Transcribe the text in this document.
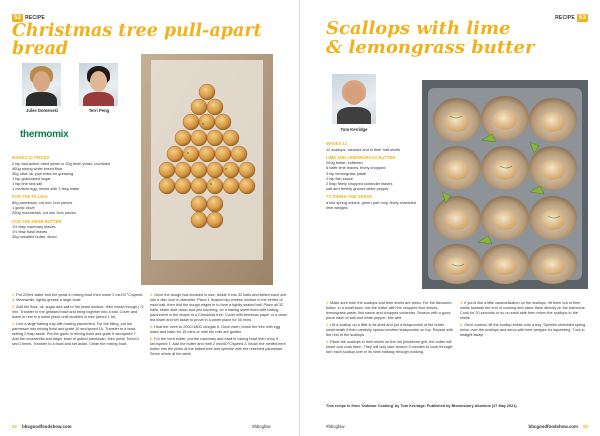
52 RECIPE
Christmas tree pull-apart bread
Jules Domenski	Terri Peng
thermomix
MAKES 32 PIECES
2 tsp fast-action dried yeast or 20g fresh yeast, crumbled
400g strong white bread flour
30g olive oil, plus extra for greasing
1 tsp granulated sugar
1 tsp fine sea salt
1 medium egg, mixed with 1 tbsp water
FOR THE FILLING
60g parmesan, cut into 2cm pieces
1 garlic clove
200g mozzarella, cut into 2cm pieces
FOR THE HERB BUTTER
1½ tbsp rosemary leaves
1½ tbsp basil leaves
30g unsalted butter, diced

1.Put 220ml water and the yeast in mixing bowl then warm 2 min/37°C/speed 1. Meanwhile, lightly grease a large bowl.

2.Add the flour, oil, sugar and salt to the yeast mixture, then knead though ( /2 min. Transfer to the greased bowl and bring together into a ball. Cover and leave to rest in a warm place until doubled in size (about 1 hr).

3.Line a large baking tray with baking parchment. For the filling, put the parmesan into mixing bowl and grate 10 sec/speed 10. Transfer to a bowl, setting 2 tbsp aside. Put the garlic in mixing bowl and grate 5 sec/speed 7. Add the mozzarella and larger bowl of grated parmesan, then pulse Turbo/1 sec/1 times. Transfer to a bowl and set aside. Clean the mixing bowl.

4.Once the dough has doubled in size, divide it into 32 balls and flatten each one into a disc 4cm in diameter. Place 1 heaped tsp cheese mixture in the centre of each ball, then fold the dough edges in to form a tightly sealed ball. Place all 32 balls, seam-side down and just touching, on a baking sheet lined with baking parchment in the shape of a Christmas tree. Cover with beeswax paper or a clean tea towel and set aside to prove in a warm place for 30 mins.

5.Heat the oven to 200C/180C fan/gas 6. Once risen, brush the tree with egg wash and bake for 15 mins or until the rolls are golden.

6.For the herb butter, put the rosemary and basil in mixing bowl then chop 5 sec/speed 7. Add the butter and melt 2 min/60°C/speed 2. Brush the melted herb butter into the joints of the baked tree and sprinkle with the reserved parmesan. Serve whole at the table.

52 bbcgoodfoodshow.com	#bbcgfsw
RECIPE 53
Scallops with lime
& lemongrass butter
Tom Kerridge
MAKES 12
12 scallops, cleaned and in their half-shells
LIME AND LEMONGRASS BUTTER
200g butter, softened
6 kaffir lime leaves, finely chopped
3 tsp lemongrass paste
2 tsp fish sauce
2 tbsp finely chopped coriander leaves
salt and freshly ground white pepper
TO FINISH AND SERVE
a few spring onions, green part only, finely shredded
lime wedges

1.Make sure both the scallops and their shells are clean. For the flavoured butter, in a small bowl, mix the butter with the chopped lime leaves, lemongrass paste, fish sauce and chopped coriander. Season with a good pinch each of salt and white pepper. Mix well.

2.Lift a scallop up a little in its shell and put a teaspoonful of the butter underneath it then carefully spread another teaspoonful on top. Repeat with the rest of the scallops.

3.Place the scallops in their shells on the hot (barbecue grill; the butter will sizzle and cook them. They will only take around 3 minutes to cook through; turn each scallop over in its shell halfway through cooking.

4.If you'd like a little caramelisation on the scallops, lift them out of their shells towards the end of cooking and place them directly on the barbecue. Cook for 20 seconds or so on each side then return the scallops to the shells.

5.Once cooked, lift the scallop shells onto a tray. Sprinkle shredded spring onion over the scallops and serve with lime wedges for squeezing. Tuck in straight away!

This recipe is from 'Outdoor Cooking' by Tom Kerridge. Published by Bloomsbury Absolute (27 May 2021).
#bbcgfsw	bbcgoodfoodshow.com 53
